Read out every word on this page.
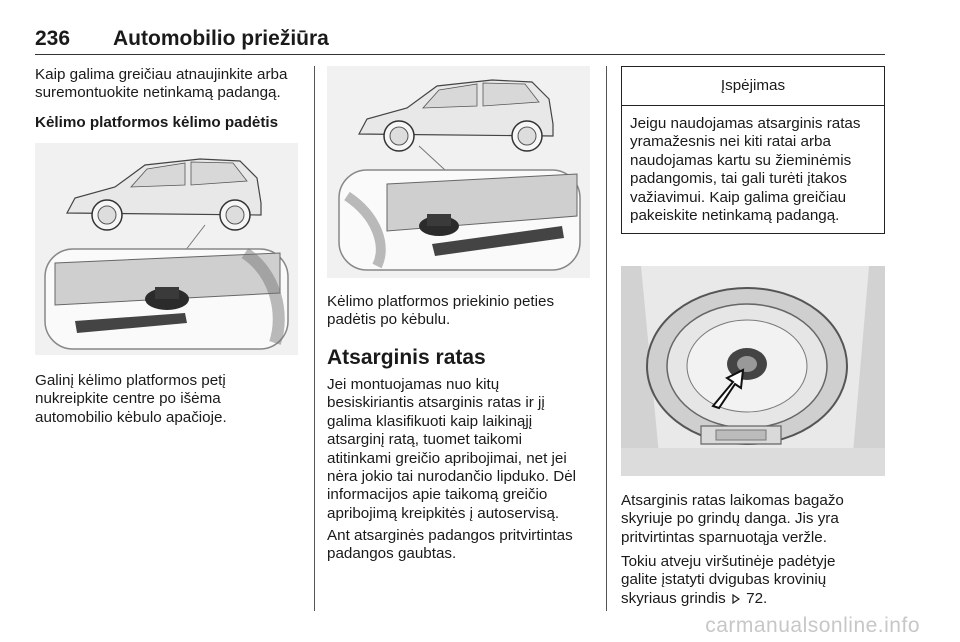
236 Automobilio priežiūra
Kaip galima greičiau atnaujinkite arba
suremontuokite netinkamą padangą.
Kėlimo platformos kėlimo padėtis
Galinį kėlimo platformos petį
nukreipkite centre po išėma
automobilio kėbulo apačioje.
Kėlimo platformos priekinio peties
padėtis po kėbulu.
Atsarginis ratas
Jei montuojamas nuo kitų
besiskiriantis atsarginis ratas ir jį
galima klasifikuoti kaip laikinąjį
atsarginį ratą, tuomet taikomi
atitinkami greičio apribojimai, net jei
nėra jokio tai nurodančio lipduko. Dėl
informacijos apie taikomą greičio
apribojimą kreipkitės į autoservisą.
Ant atsarginės padangos pritvirtintas
padangos gaubtas.
Įspėjimas
Jeigu naudojamas atsarginis ratas
yramažesnis nei kiti ratai arba
naudojamas kartu su žieminėmis
padangomis, tai gali turėti įtakos
važiavimui. Kaip galima greičiau
pakeiskite netinkamą padangą.
Atsarginis ratas laikomas bagažo
skyriuje po grindų danga. Jis yra
pritvirtintas sparnuotąja veržle.
Tokiu atveju viršutinėje padėtyje
galite įstatyti dvigubas krovinių
skyriaus grindis 72.
carmanualsonline.info
